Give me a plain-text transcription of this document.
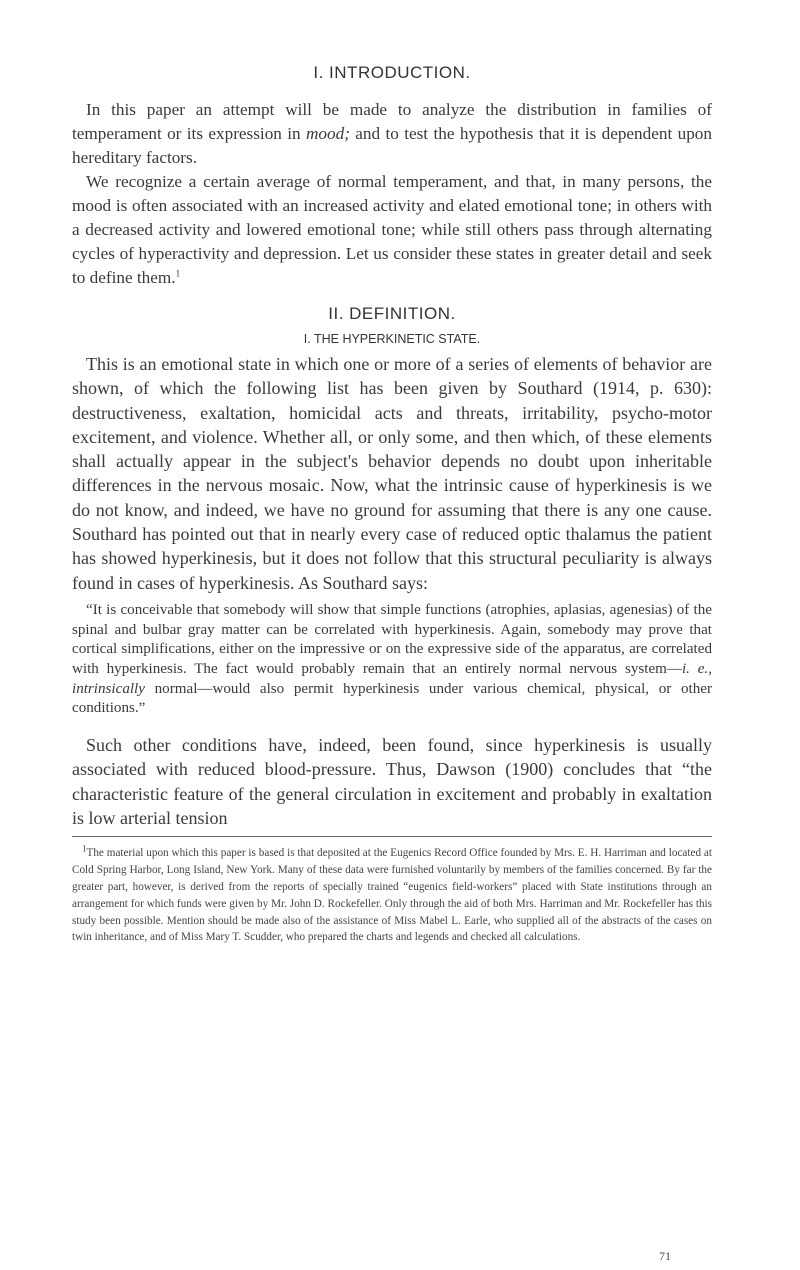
I. INTRODUCTION.

In this paper an attempt will be made to analyze the distribution in families of temperament or its expression in mood; and to test the hypothesis that it is dependent upon hereditary factors.

We recognize a certain average of normal temperament, and that, in many persons, the mood is often associated with an increased activity and elated emotional tone; in others with a decreased activity and lowered emotional tone; while still others pass through alternating cycles of hyperactivity and depression. Let us consider these states in greater detail and seek to define them.$^1$

II. DEFINITION.
I. THE HYPERKINETIC STATE.

This is an emotional state in which one or more of a series of elements of behavior are shown, of which the following list has been given by Southard (1914, p. 630): destructiveness, exaltation, homicidal acts and threats, irritability, psycho-motor excitement, and violence. Whether all, or only some, and then which, of these elements shall actually appear in the subject's behavior depends no doubt upon inheritable differences in the nervous mosaic. Now, what the intrinsic cause of hyperkinesis is we do not know, and indeed, we have no ground for assuming that there is any one cause. Southard has pointed out that in nearly every case of reduced optic thalamus the patient has showed hyperkinesis, but it does not follow that this structural peculiarity is always found in cases of hyperkinesis. As Southard says:

“It is conceivable that somebody will show that simple functions (atrophies, aplasias, agenesias) of the spinal and bulbar gray matter can be correlated with hyperkinesis. Again, somebody may prove that cortical simplifications, either on the impressive or on the expressive side of the apparatus, are correlated with hyperkinesis. The fact would probably remain that an entirely normal nervous system—i. e., intrinsically normal—would also permit hyperkinesis under various chemical, physical, or other conditions.”

Such other conditions have, indeed, been found, since hyperkinesis is usually associated with reduced blood-pressure. Thus, Dawson (1900) concludes that “the characteristic feature of the general circulation in excitement and probably in exaltation is low arterial tension

$^1$The material upon which this paper is based is that deposited at the Eugenics Record Office founded by Mrs. E. H. Harriman and located at Cold Spring Harbor, Long Island, New York. Many of these data were furnished voluntarily by members of the families concerned. By far the greater part, however, is derived from the reports of specially trained “eugenics field-workers” placed with State institutions through an arrangement for which funds were given by Mr. John D. Rockefeller. Only through the aid of both Mrs. Harriman and Mr. Rockefeller has this study been possible. Mention should be made also of the assistance of Miss Mabel L. Earle, who supplied all of the abstracts of the cases on twin inheritance, and of Miss Mary T. Scudder, who prepared the charts and legends and checked all calculations.

71
